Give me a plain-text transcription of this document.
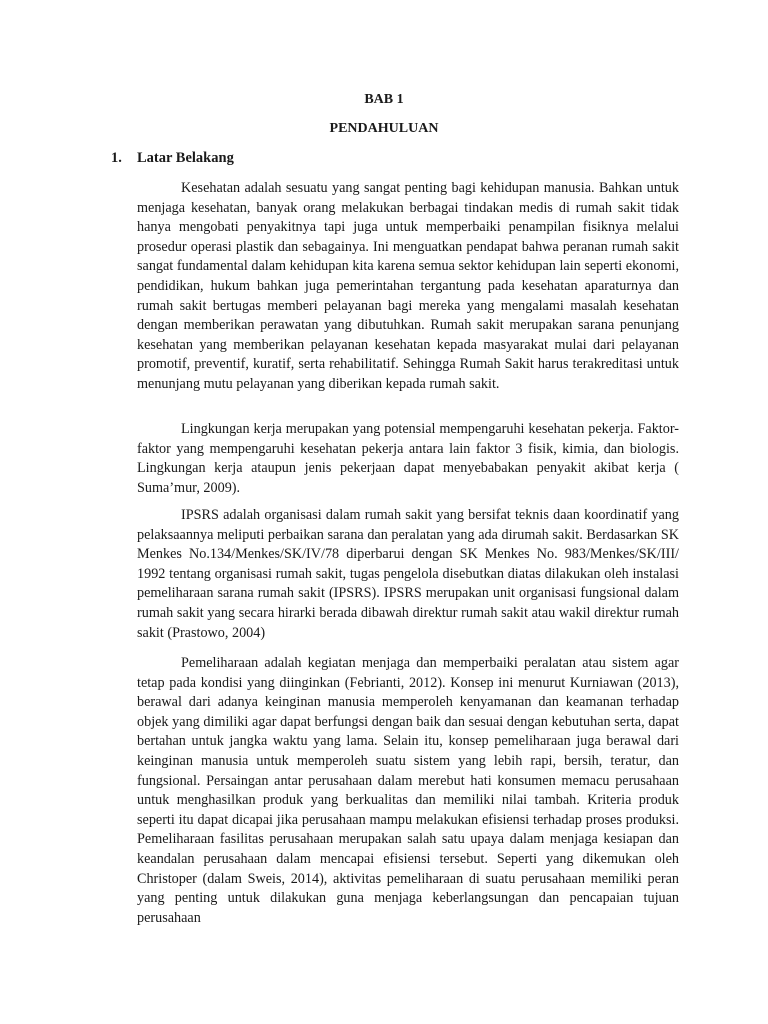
BAB 1
PENDAHULUAN
1. Latar Belakang

Kesehatan adalah sesuatu yang sangat penting bagi kehidupan manusia. Bahkan untuk menjaga kesehatan, banyak orang melakukan berbagai tindakan medis di rumah sakit tidak hanya mengobati penyakitnya tapi juga untuk memperbaiki penampilan fisiknya melalui prosedur operasi plastik dan sebagainya. Ini menguatkan pendapat bahwa peranan rumah sakit sangat fundamental dalam kehidupan kita karena semua sektor kehidupan lain seperti ekonomi, pendidikan, hukum bahkan juga pemerintahan tergantung pada kesehatan aparaturnya dan rumah sakit bertugas memberi pelayanan bagi mereka yang mengalami masalah kesehatan dengan memberikan perawatan yang dibutuhkan. Rumah sakit merupakan sarana penunjang kesehatan yang memberikan pelayanan kesehatan kepada masyarakat mulai dari pelayanan promotif, preventif, kuratif, serta rehabilitatif. Sehingga Rumah Sakit harus terakreditasi untuk menunjang mutu pelayanan yang diberikan kepada rumah sakit.

Lingkungan kerja merupakan yang potensial mempengaruhi kesehatan pekerja. Faktor-faktor yang mempengaruhi kesehatan pekerja antara lain faktor 3 fisik, kimia, dan biologis. Lingkungan kerja ataupun jenis pekerjaan dapat menyebabakan penyakit akibat kerja ( Suma’mur, 2009).

IPSRS adalah organisasi dalam rumah sakit yang bersifat teknis daan koordinatif yang pelaksaannya meliputi perbaikan sarana dan peralatan yang ada dirumah sakit. Berdasarkan SK Menkes No.134/Menkes/SK/IV/78 diperbarui dengan SK Menkes No. 983/Menkes/SK/III/ 1992 tentang organisasi rumah sakit, tugas pengelola disebutkan diatas dilakukan oleh instalasi pemeliharaan sarana rumah sakit (IPSRS). IPSRS merupakan unit organisasi fungsional dalam rumah sakit yang secara hirarki berada dibawah direktur rumah sakit atau wakil direktur rumah sakit (Prastowo, 2004)

Pemeliharaan adalah kegiatan menjaga dan memperbaiki peralatan atau sistem agar tetap pada kondisi yang diinginkan (Febrianti, 2012). Konsep ini menurut Kurniawan (2013), berawal dari adanya keinginan manusia memperoleh kenyamanan dan keamanan terhadap objek yang dimiliki agar dapat berfungsi dengan baik dan sesuai dengan kebutuhan serta, dapat bertahan untuk jangka waktu yang lama. Selain itu, konsep pemeliharaan juga berawal dari keinginan manusia untuk memperoleh suatu sistem yang lebih rapi, bersih, teratur, dan fungsional. Persaingan antar perusahaan dalam merebut hati konsumen memacu perusahaan untuk menghasilkan produk yang berkualitas dan memiliki nilai tambah. Kriteria produk seperti itu dapat dicapai jika perusahaan mampu melakukan efisiensi terhadap proses produksi. Pemeliharaan fasilitas perusahaan merupakan salah satu upaya dalam menjaga kesiapan dan keandalan perusahaan dalam mencapai efisiensi tersebut. Seperti yang dikemukan oleh Christoper (dalam Sweis, 2014), aktivitas pemeliharaan di suatu perusahaan memiliki peran yang penting untuk dilakukan guna menjaga keberlangsungan dan pencapaian tujuan perusahaan
